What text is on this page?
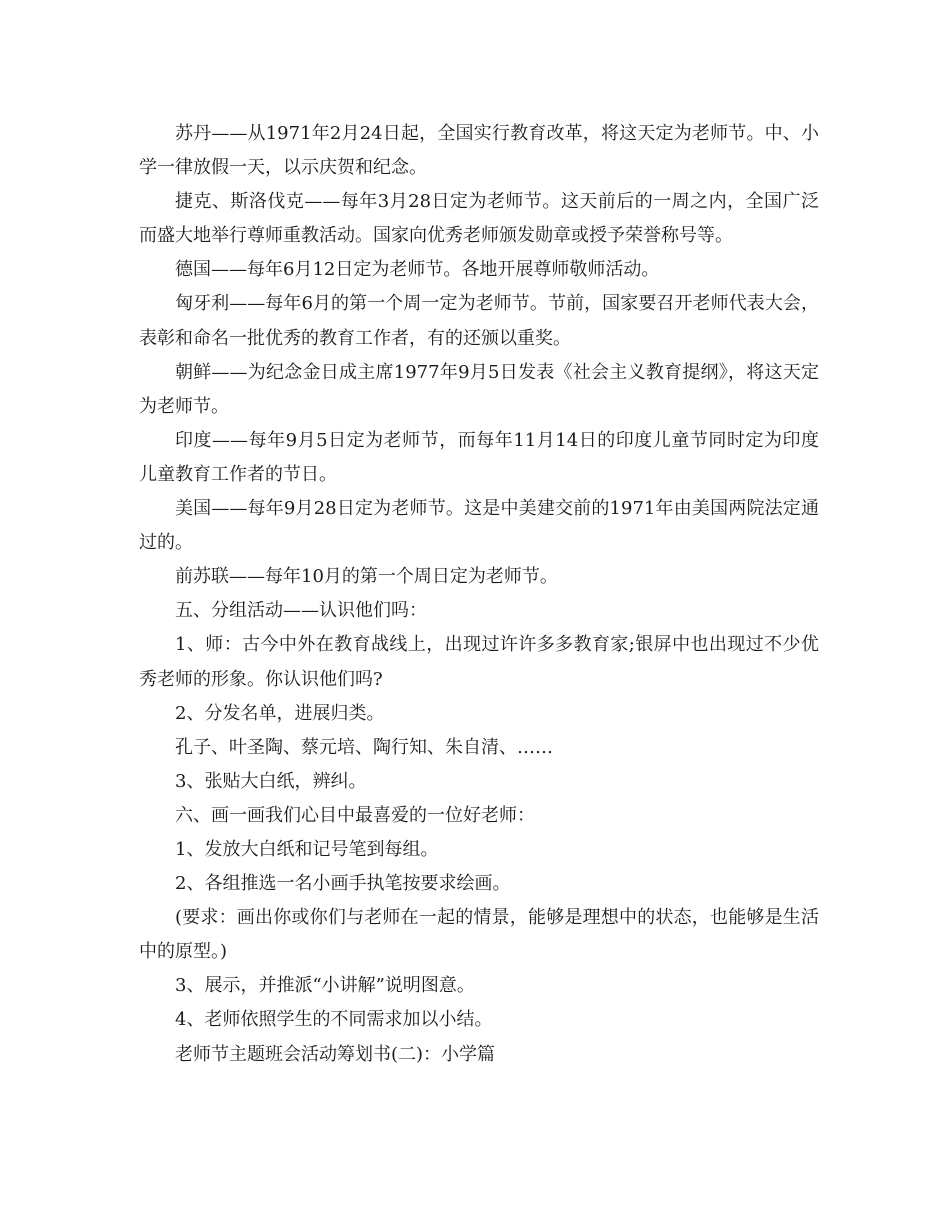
苏丹——从1971年2月24日起，全国实行教育改革，将这天定为老师节。中、小学一律放假一天，以示庆贺和纪念。

捷克、斯洛伐克——每年3月28日定为老师节。这天前后的一周之内，全国广泛而盛大地举行尊师重教活动。国家向优秀老师颁发勋章或授予荣誉称号等。

德国——每年6月12日定为老师节。各地开展尊师敬师活动。

匈牙利——每年6月的第一个周一定为老师节。节前，国家要召开老师代表大会，表彰和命名一批优秀的教育工作者，有的还颁以重奖。

朝鲜——为纪念金日成主席1977年9月5日发表《社会主义教育提纲》，将这天定为老师节。

印度——每年9月5日定为老师节，而每年11月14日的印度儿童节同时定为印度儿童教育工作者的节日。

美国——每年9月28日定为老师节。这是中美建交前的1971年由美国两院法定通过的。

前苏联——每年10月的第一个周日定为老师节。

五、分组活动——认识他们吗：

1、师：古今中外在教育战线上，出现过许许多多教育家;银屏中也出现过不少优秀老师的形象。你认识他们吗?

2、分发名单，进展归类。

孔子、叶圣陶、蔡元培、陶行知、朱自清、……

3、张贴大白纸，辨纠。

六、画一画我们心目中最喜爱的一位好老师：

1、发放大白纸和记号笔到每组。

2、各组推选一名小画手执笔按要求绘画。

(要求：画出你或你们与老师在一起的情景，能够是理想中的状态，也能够是生活中的原型。)

3、展示，并推派“小讲解”说明图意。

4、老师依照学生的不同需求加以小结。

老师节主题班会活动筹划书(二)：小学篇
